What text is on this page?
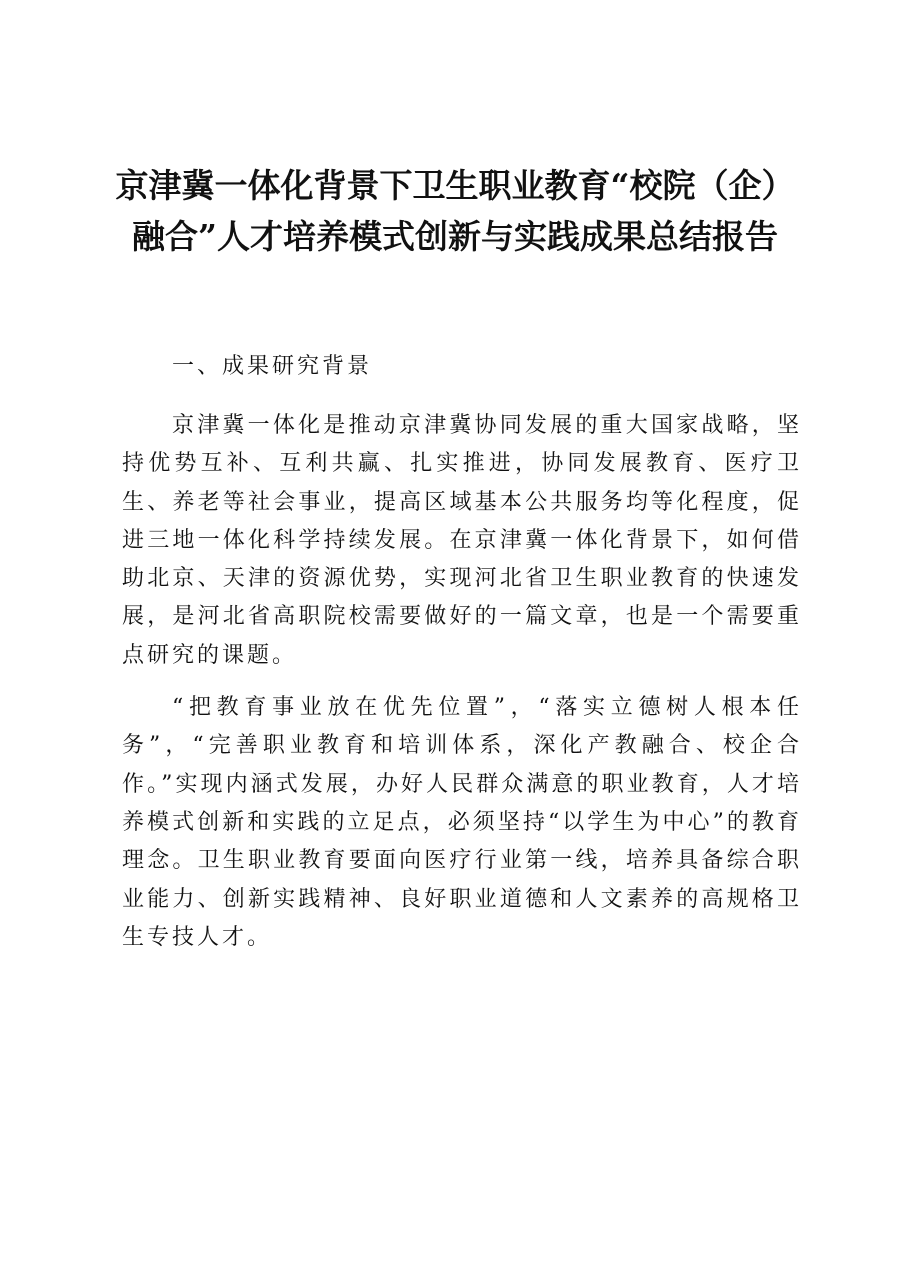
京津冀一体化背景下卫生职业教育“校院（企）融合”人才培养模式创新与实践成果总结报告

一、成果研究背景

京津冀一体化是推动京津冀协同发展的重大国家战略，坚持优势互补、互利共赢、扎实推进，协同发展教育、医疗卫生、养老等社会事业，提高区域基本公共服务均等化程度，促进三地一体化科学持续发展。在京津冀一体化背景下，如何借助北京、天津的资源优势，实现河北省卫生职业教育的快速发展，是河北省高职院校需要做好的一篇文章，也是一个需要重点研究的课题。

“把教育事业放在优先位置”，“落实立德树人根本任务”，“完善职业教育和培训体系，深化产教融合、校企合作。”实现内涵式发展，办好人民群众满意的职业教育，人才培养模式创新和实践的立足点，必须坚持“以学生为中心”的教育理念。卫生职业教育要面向医疗行业第一线，培养具备综合职业能力、创新实践精神、良好职业道德和人文素养的高规格卫生专技人才。
